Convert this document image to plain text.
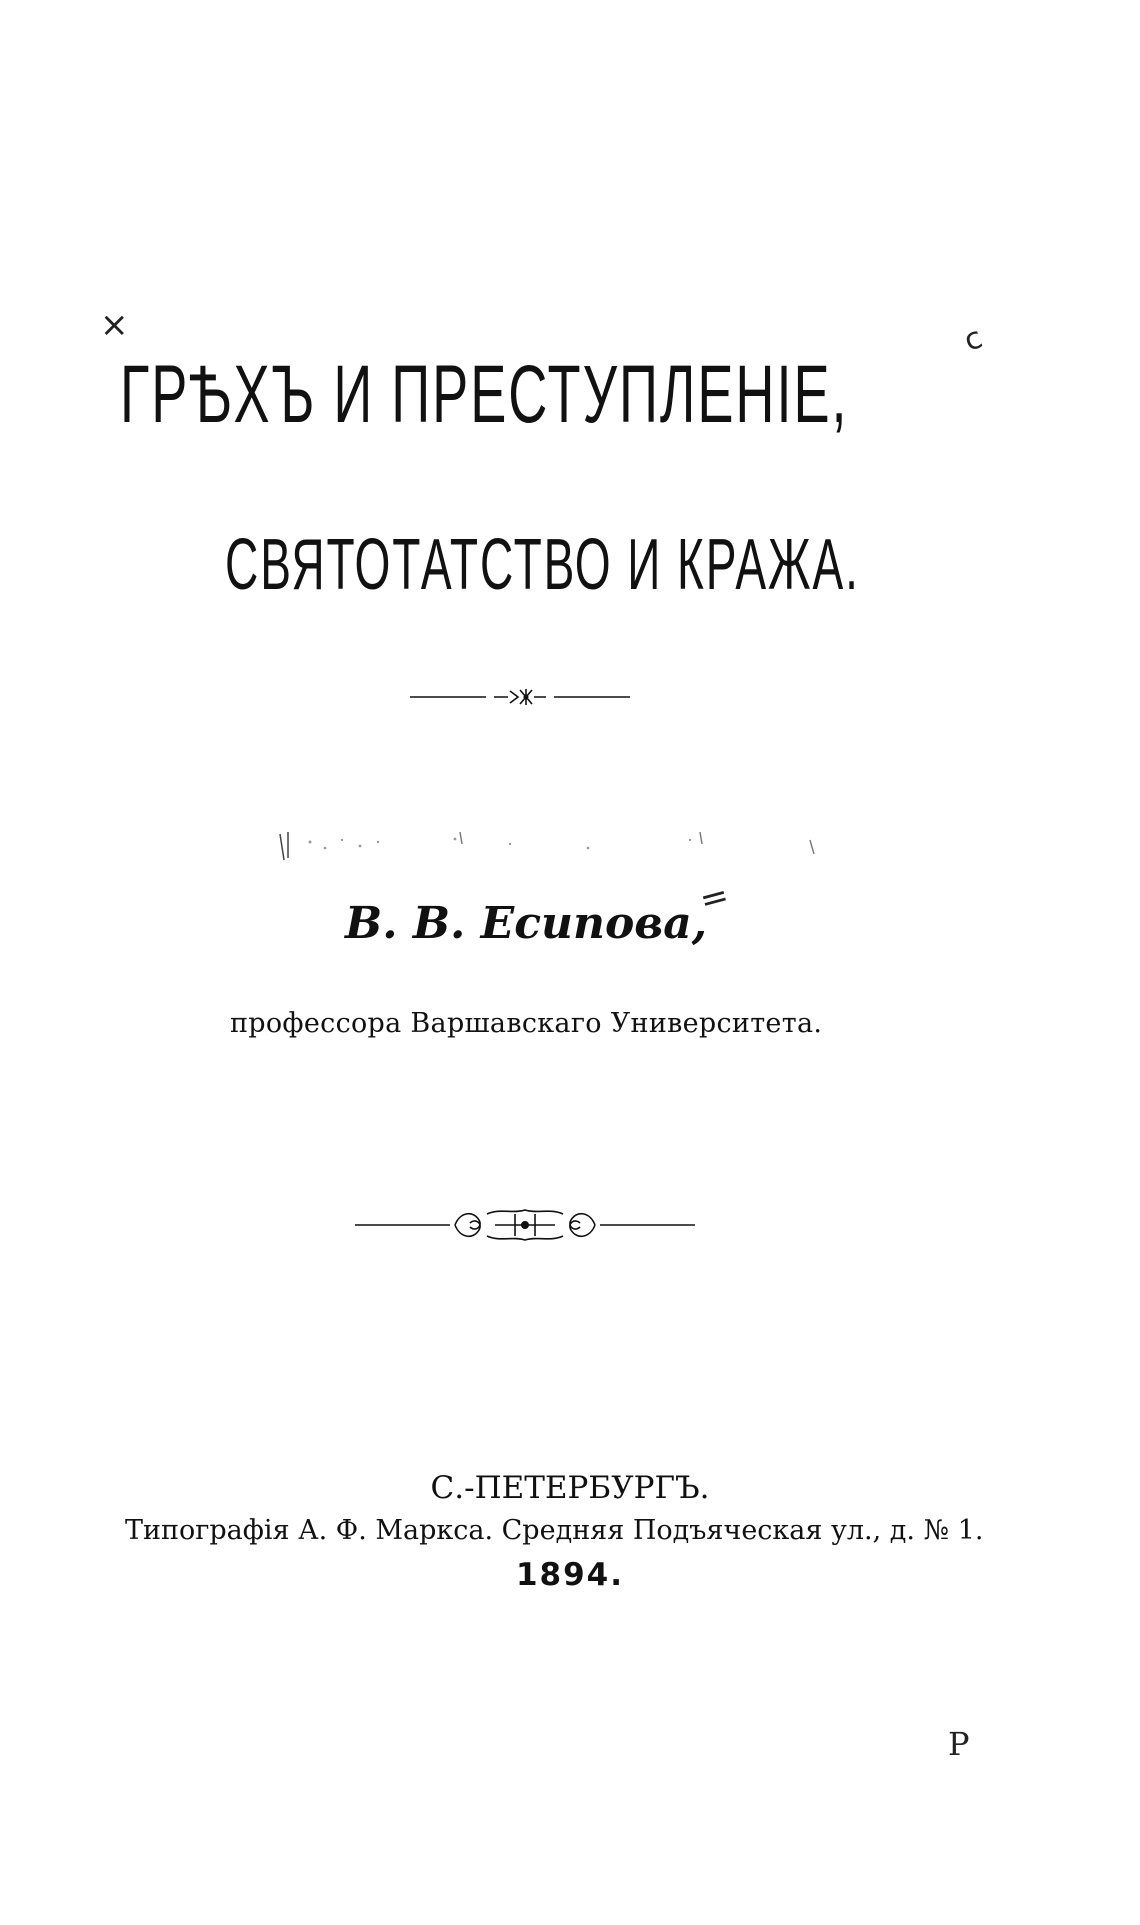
×	c
Р
ГРѢХЪ И ПРЕСТУПЛЕНІЕ,
СВЯТОТАТСТВО И КРАЖА.
В. В. Есипова,
=
профессора Варшавскаго Университета.
С.-ПЕТЕРБУРГЪ.
Типографія А. Ф. Маркса. Средняя Подъяческая ул., д. № 1.
1894.
